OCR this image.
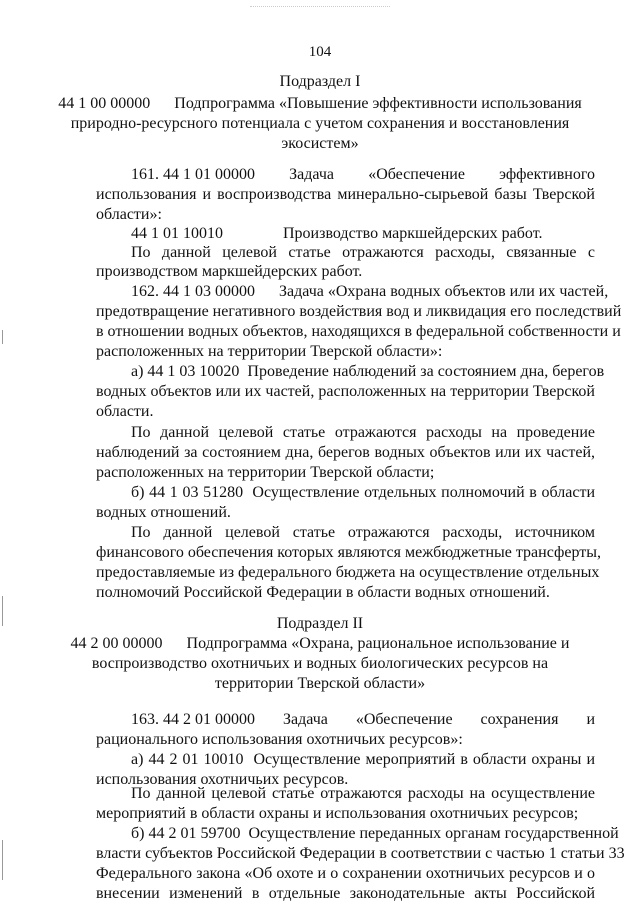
104
Подраздел I
44 1 00 00000      Подпрограмма «Повышение эффективности использования
природно-ресурсного потенциала с учетом сохранения и восстановления
экосистем»
161. 44 1 01 00000 Задача «Обеспечение эффективного
использования и воспроизводства минерально-сырьевой базы Тверской
области»:
44 1 01 10010	Производство маркшейдерских работ.
По данной целевой статье отражаются расходы, связанные с
производством маркшейдерских работ.
162. 44 1 03 00000      Задача «Охрана водных объектов или их частей,
предотвращение негативного воздействия вод и ликвидация его последствий
в отношении водных объектов, находящихся в федеральной собственности и
расположенных на территории Тверской области»:
а) 44 1 03 10020  Проведение наблюдений за состоянием дна, берегов
водных объектов или их частей, расположенных на территории Тверской
области.
По данной целевой статье отражаются расходы на проведение
наблюдений за состоянием дна, берегов водных объектов или их частей,
расположенных на территории Тверской области;
б) 44 1 03 51280  Осуществление отдельных полномочий в области
водных отношений.
По данной целевой статье отражаются расходы, источником
финансового обеспечения которых являются межбюджетные трансферты,
предоставляемые из федерального бюджета на осуществление отдельных
полномочий Российской Федерации в области водных отношений.
Подраздел II
44 2 00 00000      Подпрограмма «Охрана, рациональное использование и
воспроизводство охотничьих и водных биологических ресурсов на
территории Тверской области»
163. 44 2 01 00000 Задача «Обеспечение сохранения и
рационального использования охотничьих ресурсов»:
а) 44 2 01 10010  Осуществление мероприятий в области охраны и
использования охотничьих ресурсов.
По данной целевой статье отражаются расходы на осуществление
мероприятий в области охраны и использования охотничьих ресурсов;
б) 44 2 01 59700  Осуществление переданных органам государственной
власти субъектов Российской Федерации в соответствии с частью 1 статьи 33
Федерального закона «Об охоте и о сохранении охотничьих ресурсов и о
внесении изменений в отдельные законодательные акты Российской
